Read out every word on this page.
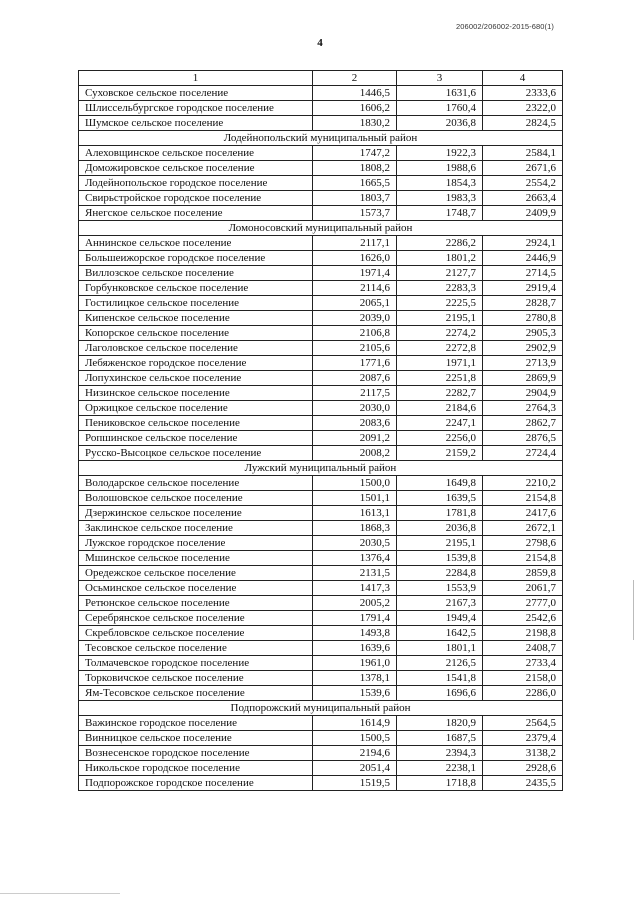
206002/206002-2015-680(1)
4
1	2	3	4
Суховское сельское поселение	1446,5	1631,6	2333,6
Шлиссельбургское городское поселение	1606,2	1760,4	2322,0
Шумское сельское поселение	1830,2	2036,8	2824,5
Лодейнопольский муниципальный район			
Алеховщинское сельское поселение	1747,2	1922,3	2584,1
Доможировское сельское поселение	1808,2	1988,6	2671,6
Лодейнопольское городское поселение	1665,5	1854,3	2554,2
Свирьстройское городское поселение	1803,7	1983,3	2663,4
Янегское сельское поселение	1573,7	1748,7	2409,9
Ломоносовский муниципальный район			
Аннинское сельское поселение	2117,1	2286,2	2924,1
Большеижорское городское поселение	1626,0	1801,2	2446,9
Виллозское сельское поселение	1971,4	2127,7	2714,5
Горбунковское сельское поселение	2114,6	2283,3	2919,4
Гостилицкое сельское поселение	2065,1	2225,5	2828,7
Кипенское сельское поселение	2039,0	2195,1	2780,8
Копорское сельское поселение	2106,8	2274,2	2905,3
Лаголовское сельское поселение	2105,6	2272,8	2902,9
Лебяженское городское поселение	1771,6	1971,1	2713,9
Лопухинское сельское поселение	2087,6	2251,8	2869,9
Низинское сельское поселение	2117,5	2282,7	2904,9
Оржицкое сельское поселение	2030,0	2184,6	2764,3
Пениковское сельское поселение	2083,6	2247,1	2862,7
Ропшинское сельское поселение	2091,2	2256,0	2876,5
Русско-Высоцкое сельское поселение	2008,2	2159,2	2724,4
Лужский муниципальный район			
Володарское сельское поселение	1500,0	1649,8	2210,2
Волошовское сельское поселение	1501,1	1639,5	2154,8
Дзержинское сельское поселение	1613,1	1781,8	2417,6
Заклинское сельское поселение	1868,3	2036,8	2672,1
Лужское городское поселение	2030,5	2195,1	2798,6
Мшинское сельское поселение	1376,4	1539,8	2154,8
Оредежское сельское поселение	2131,5	2284,8	2859,8
Осьминское сельское поселение	1417,3	1553,9	2061,7
Ретюнское сельское поселение	2005,2	2167,3	2777,0
Серебрянское сельское поселение	1791,4	1949,4	2542,6
Скребловское сельское поселение	1493,8	1642,5	2198,8
Тесовское сельское поселение	1639,6	1801,1	2408,7
Толмачевское городское поселение	1961,0	2126,5	2733,4
Торковичское сельское поселение	1378,1	1541,8	2158,0
Ям-Тесовское сельское поселение	1539,6	1696,6	2286,0
Подпорожский муниципальный район			
Важинское городское поселение	1614,9	1820,9	2564,5
Винницкое сельское поселение	1500,5	1687,5	2379,4
Вознесенское городское поселение	2194,6	2394,3	3138,2
Никольское городское поселение	2051,4	2238,1	2928,6
Подпорожское городское поселение	1519,5	1718,8	2435,5
